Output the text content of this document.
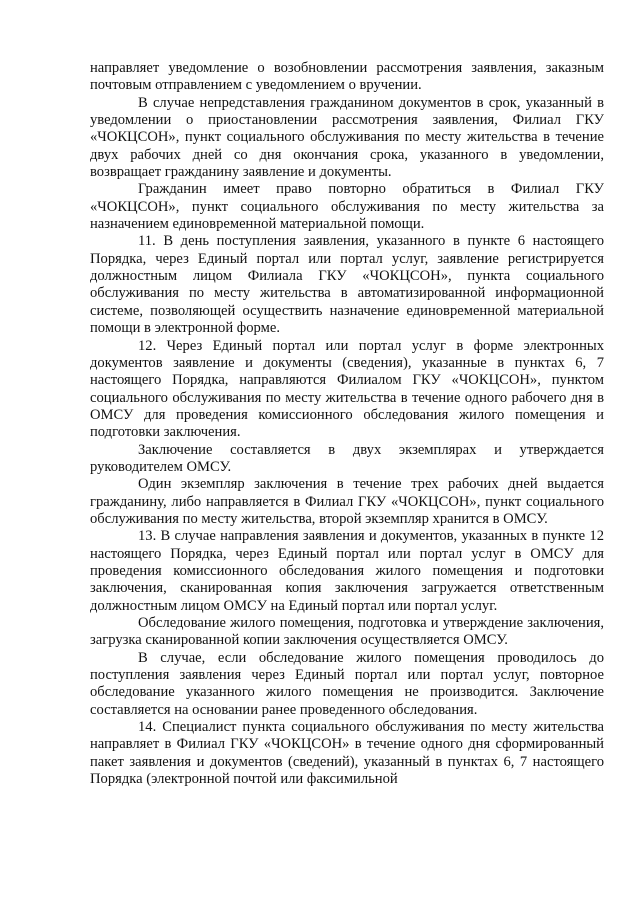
направляет уведомление о возобновлении рассмотрения заявления, заказным почтовым отправлением с уведомлением о вручении.

В случае непредставления гражданином документов в срок, указанный в уведомлении о приостановлении рассмотрения заявления, Филиал ГКУ «ЧОКЦСОН», пункт социального обслуживания по месту жительства в течение двух рабочих дней со дня окончания срока, указанного в уведомлении, возвращает гражданину заявление и документы.

Гражданин имеет право повторно обратиться в Филиал ГКУ «ЧОКЦСОН», пункт социального обслуживания по месту жительства за назначением единовременной материальной помощи.

11. В день поступления заявления, указанного в пункте 6 настоящего Порядка, через Единый портал или портал услуг, заявление регистрируется должностным лицом Филиала ГКУ «ЧОКЦСОН», пункта социального обслуживания по месту жительства в автоматизированной информационной системе, позволяющей осуществить назначение единовременной материальной помощи в электронной форме.

12. Через Единый портал или портал услуг в форме электронных документов заявление и документы (сведения), указанные в пунктах 6, 7 настоящего Порядка, направляются Филиалом ГКУ «ЧОКЦСОН», пунктом социального обслуживания по месту жительства в течение одного рабочего дня в ОМСУ для проведения комиссионного обследования жилого помещения и подготовки заключения.

Заключение составляется в двух экземплярах и утверждается руководителем ОМСУ.

Один экземпляр заключения в течение трех рабочих дней выдается гражданину, либо направляется в Филиал ГКУ «ЧОКЦСОН», пункт социального обслуживания по месту жительства, второй экземпляр хранится в ОМСУ.

13. В случае направления заявления и документов, указанных в пункте 12 настоящего Порядка, через Единый портал или портал услуг в ОМСУ для проведения комиссионного обследования жилого помещения и подготовки заключения, сканированная копия заключения загружается ответственным должностным лицом ОМСУ на Единый портал или портал услуг.

Обследование жилого помещения, подготовка и утверждение заключения, загрузка сканированной копии заключения осуществляется ОМСУ.

В случае, если обследование жилого помещения проводилось до поступления заявления через Единый портал или портал услуг, повторное обследование указанного жилого помещения не производится. Заключение составляется на основании ранее проведенного обследования.

14. Специалист пункта социального обслуживания по месту жительства направляет в Филиал ГКУ «ЧОКЦСОН» в течение одного дня сформированный пакет заявления и документов (сведений), указанный в пунктах 6, 7 настоящего Порядка (электронной почтой или факсимильной
